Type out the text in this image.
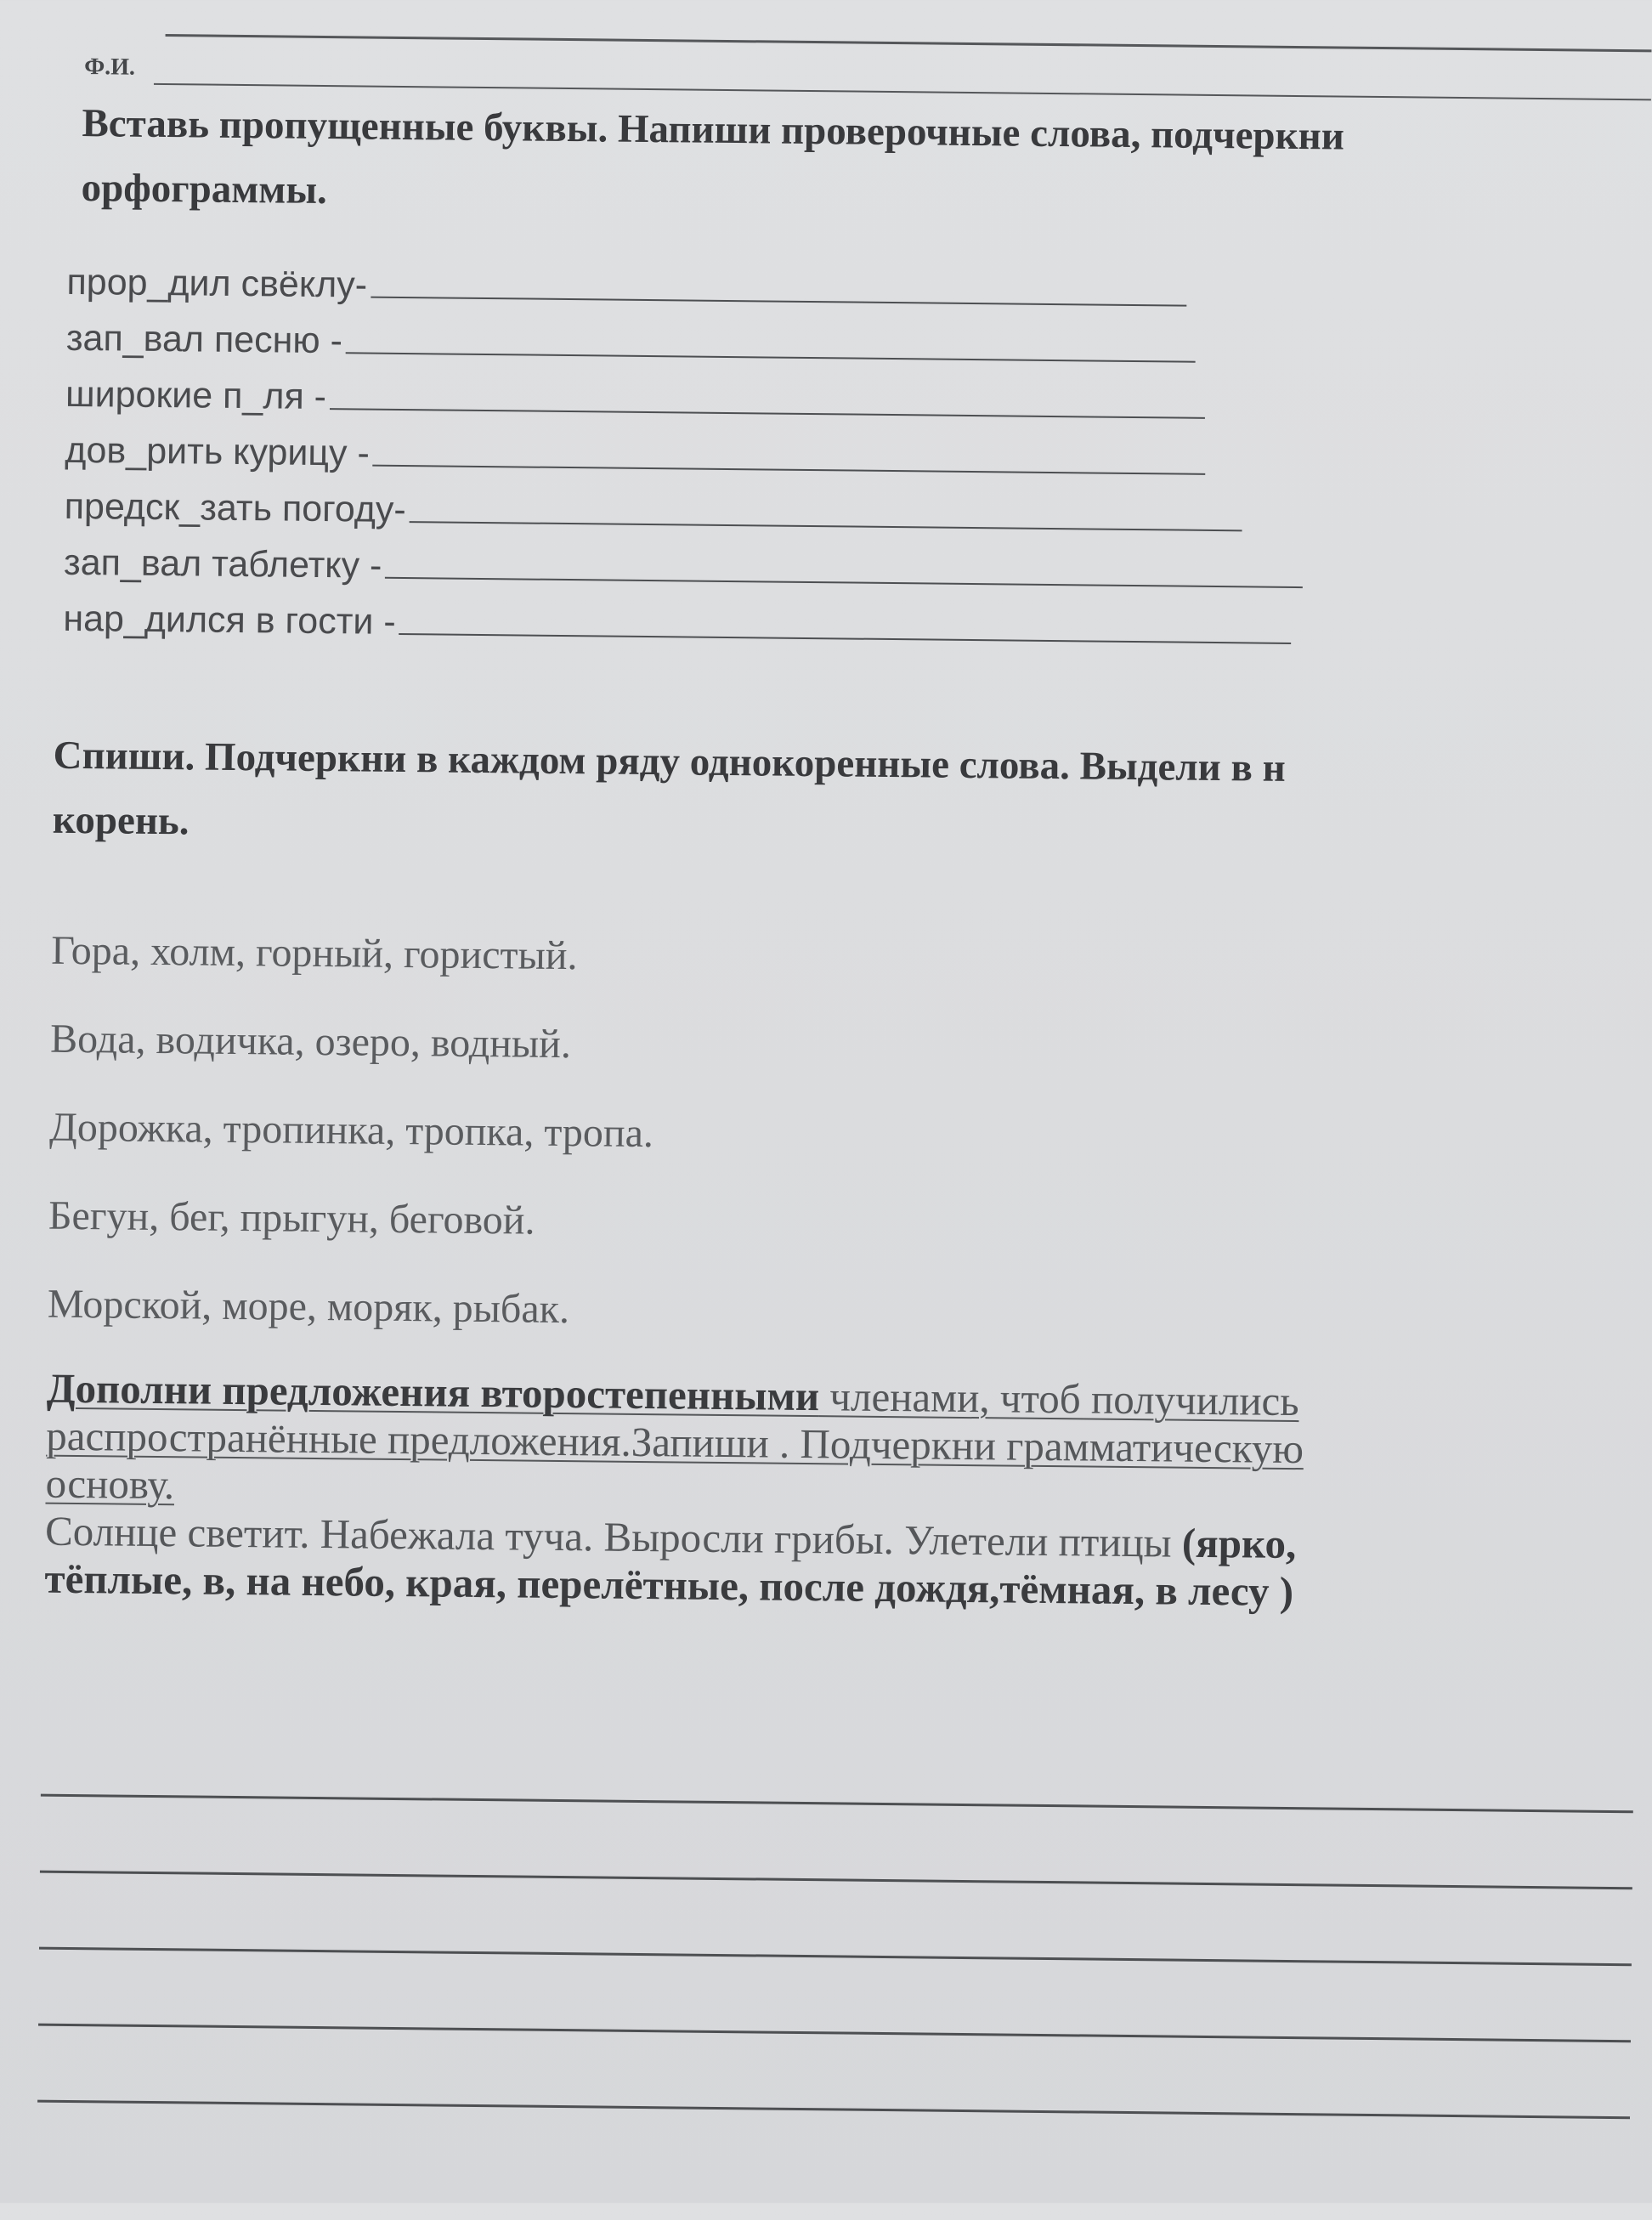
Ф.И.
Вставь пропущенные буквы. Напиши проверочные слова, подчеркни
орфограммы.
прор_дил свёклу-
зап_вал песню -
широкие п_ля -
дов_рить курицу -
предск_зать погоду-
зап_вал таблетку -
нар_дился в гости -
Спиши. Подчеркни в каждом ряду однокоренные слова. Выдели в н
корень.
Гора, холм, горный, гористый.
Вода, водичка, озеро, водный.
Дорожка, тропинка, тропка, тропа.
Бегун, бег, прыгун, беговой.
Морской, море, моряк, рыбак.
Дополни предложения второстепенными членами, чтоб получились
распространённые предложения.Запиши . Подчеркни грамматическую
основу.
Солнце светит. Набежала туча. Выросли грибы. Улетели птицы (ярко,
тёплые, в, на небо, края, перелётные, после дождя,тёмная, в лесу )
